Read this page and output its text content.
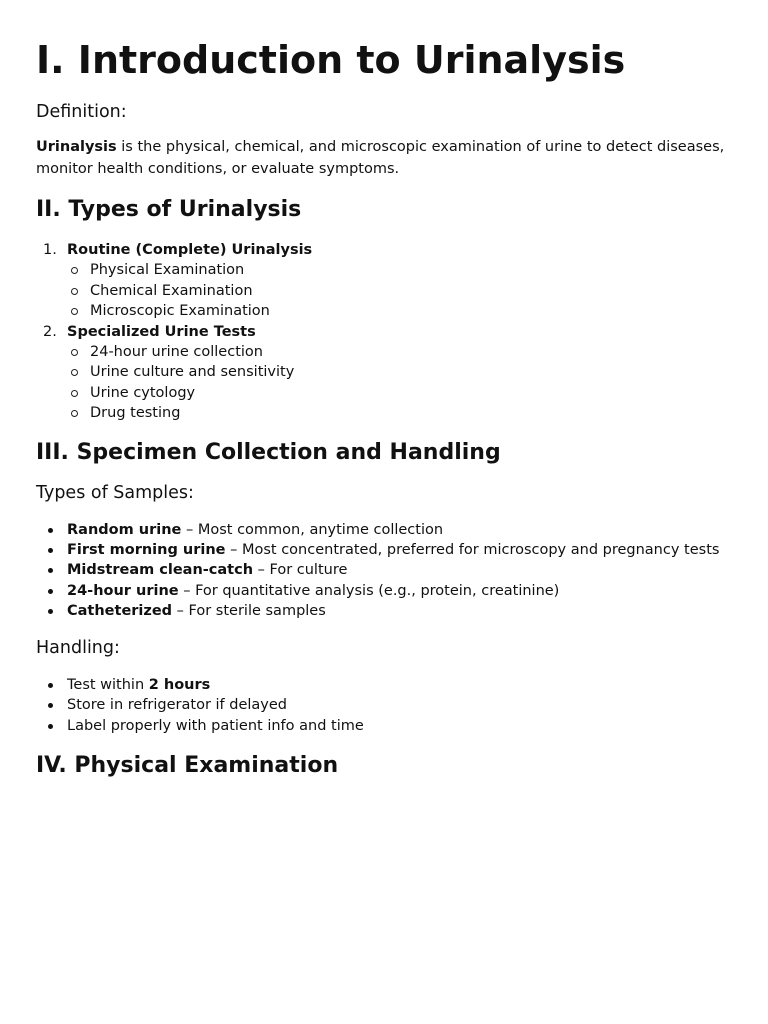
I. Introduction to Urinalysis
Definition:

Urinalysis is the physical, chemical, and microscopic examination of urine to detect diseases, monitor health conditions, or evaluate symptoms.

II. Types of Urinalysis
1. Routine (Complete) Urinalysis
Physical Examination
Chemical Examination
Microscopic Examination
2. Specialized Urine Tests
24-hour urine collection
Urine culture and sensitivity
Urine cytology
Drug testing
III. Specimen Collection and Handling
Types of Samples:
Random urine – Most common, anytime collection
First morning urine – Most concentrated, preferred for microscopy and pregnancy tests
Midstream clean-catch – For culture
24-hour urine – For quantitative analysis (e.g., protein, creatinine)
Catheterized – For sterile samples
Handling:
Test within 2 hours
Store in refrigerator if delayed
Label properly with patient info and time
IV. Physical Examination
